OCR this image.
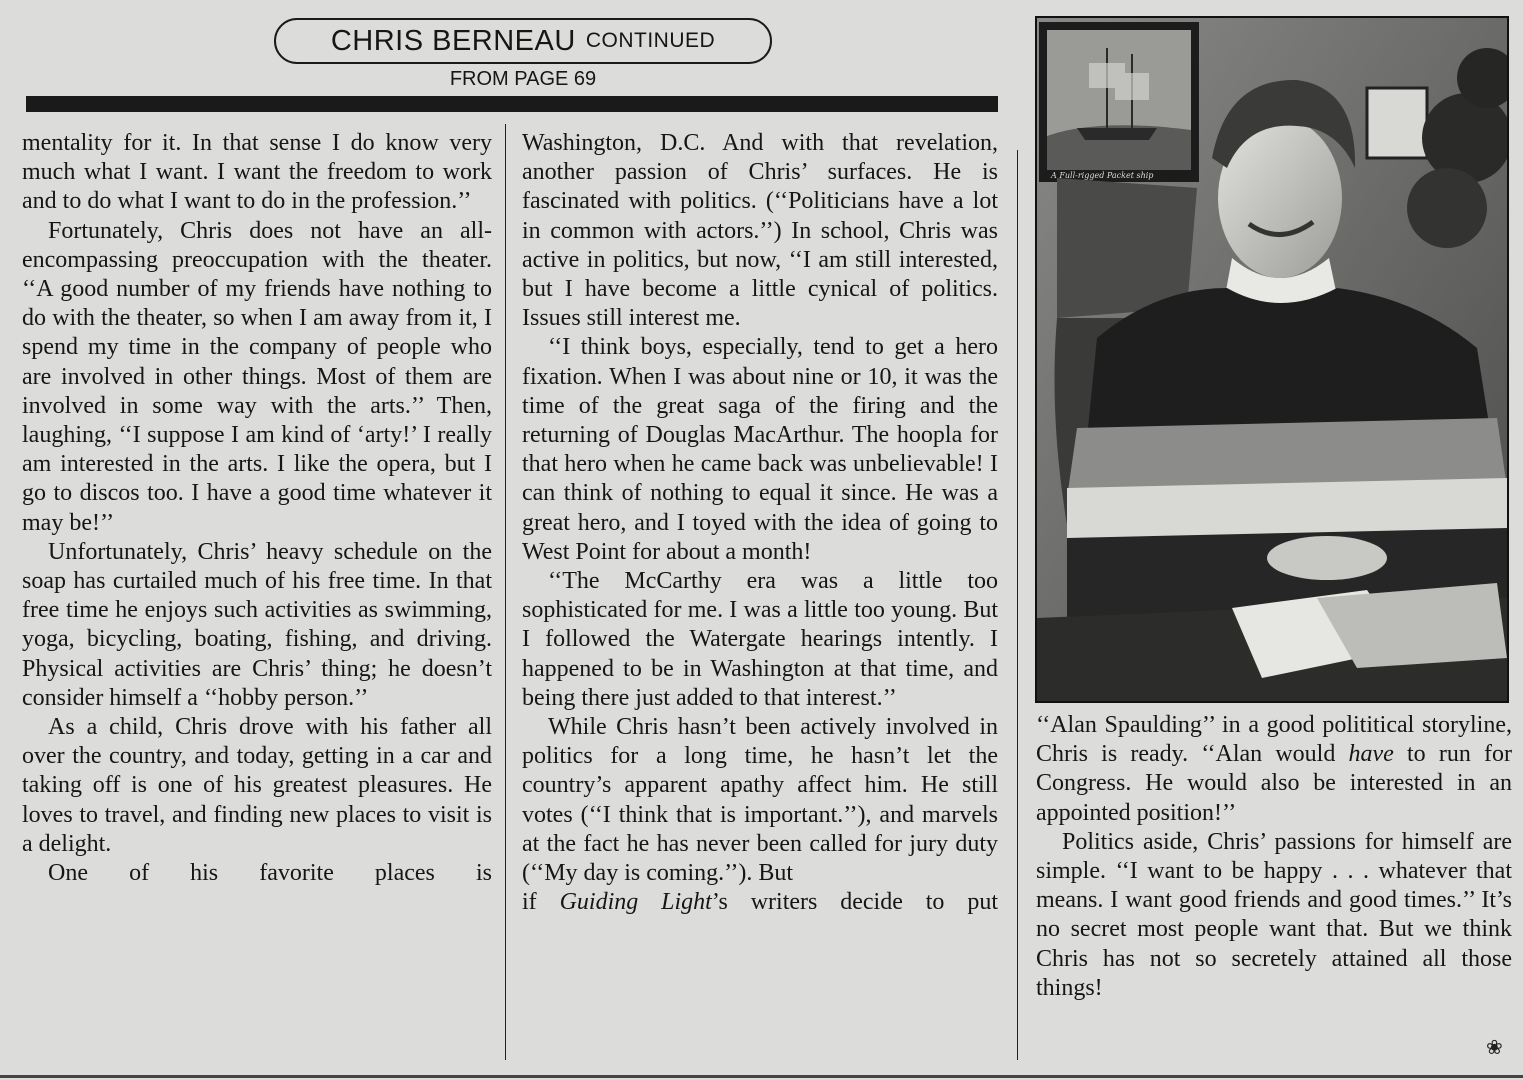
CHRIS BERNEAU CONTINUED
FROM PAGE 69

mentality for it. In that sense I do know very much what I want. I want the freedom to work and to do what I want to do in the profession.’’

Fortunately, Chris does not have an all-encompassing preoccupation with the theater. ‘‘A good number of my friends have nothing to do with the theater, so when I am away from it, I spend my time in the company of people who are involved in other things. Most of them are involved in some way with the arts.’’ Then, laughing, ‘‘I suppose I am kind of ‘arty!’ I really am interested in the arts. I like the opera, but I go to discos too. I have a good time whatever it may be!’’

Unfortunately, Chris’ heavy schedule on the soap has curtailed much of his free time. In that free time he enjoys such activities as swimming, yoga, bicycling, boating, fishing, and driving. Physical activities are Chris’ thing; he doesn’t consider himself a ‘‘hobby person.’’

As a child, Chris drove with his father all over the country, and today, getting in a car and taking off is one of his greatest pleasures. He loves to travel, and finding new places to visit is a delight.

One of his favorite places is

Washington, D.C. And with that revelation, another passion of Chris’ surfaces. He is fascinated with politics. (‘‘Politicians have a lot in common with actors.’’) In school, Chris was active in politics, but now, ‘‘I am still interested, but I have become a little cynical of politics. Issues still interest me.

‘‘I think boys, especially, tend to get a hero fixation. When I was about nine or 10, it was the time of the great saga of the firing and the returning of Douglas MacArthur. The hoopla for that hero when he came back was unbelievable! I can think of nothing to equal it since. He was a great hero, and I toyed with the idea of going to West Point for about a month!

‘‘The McCarthy era was a little too sophisticated for me. I was a little too young. But I followed the Watergate hearings intently. I happened to be in Washington at that time, and being there just added to that interest.’’

While Chris hasn’t been actively involved in politics for a long time, he hasn’t let the country’s apparent apathy affect him. He still votes (‘‘I think that is important.’’), and marvels at the fact he has never been called for jury duty (‘‘My day is coming.’’). But

if Guiding Light’s writers decide to put

A Full-rigged Packet ship

‘‘Alan Spaulding’’ in a good polititical storyline, Chris is ready. ‘‘Alan would have to run for Congress. He would also be interested in an appointed position!’’

Politics aside, Chris’ passions for himself are simple. ‘‘I want to be happy . . . whatever that means. I want good friends and good times.’’ It’s no secret most people want that. But we think Chris has not so secretely attained all those things!

❀
